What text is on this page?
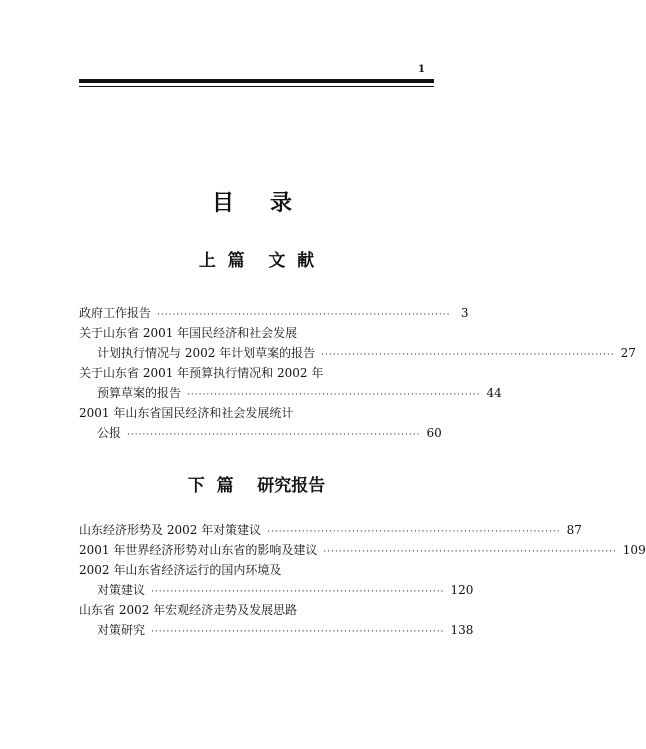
1
目录
上  篇    文  献
政府工作报告 ············································································ 3
关于山东省 2001 年国民经济和社会发展
计划执行情况与 2002 年计划草案的报告 ············································································ 27
关于山东省 2001 年预算执行情况和 2002 年
预算草案的报告 ············································································ 44
2001 年山东省国民经济和社会发展统计
公报 ············································································ 60
下  篇    研究报告
山东经济形势及 2002 年对策建议 ············································································ 87
2001 年世界经济形势对山东省的影响及建议 ············································································ 109
2002 年山东省经济运行的国内环境及
对策建议 ············································································ 120
山东省 2002 年宏观经济走势及发展思路
对策研究 ············································································ 138
